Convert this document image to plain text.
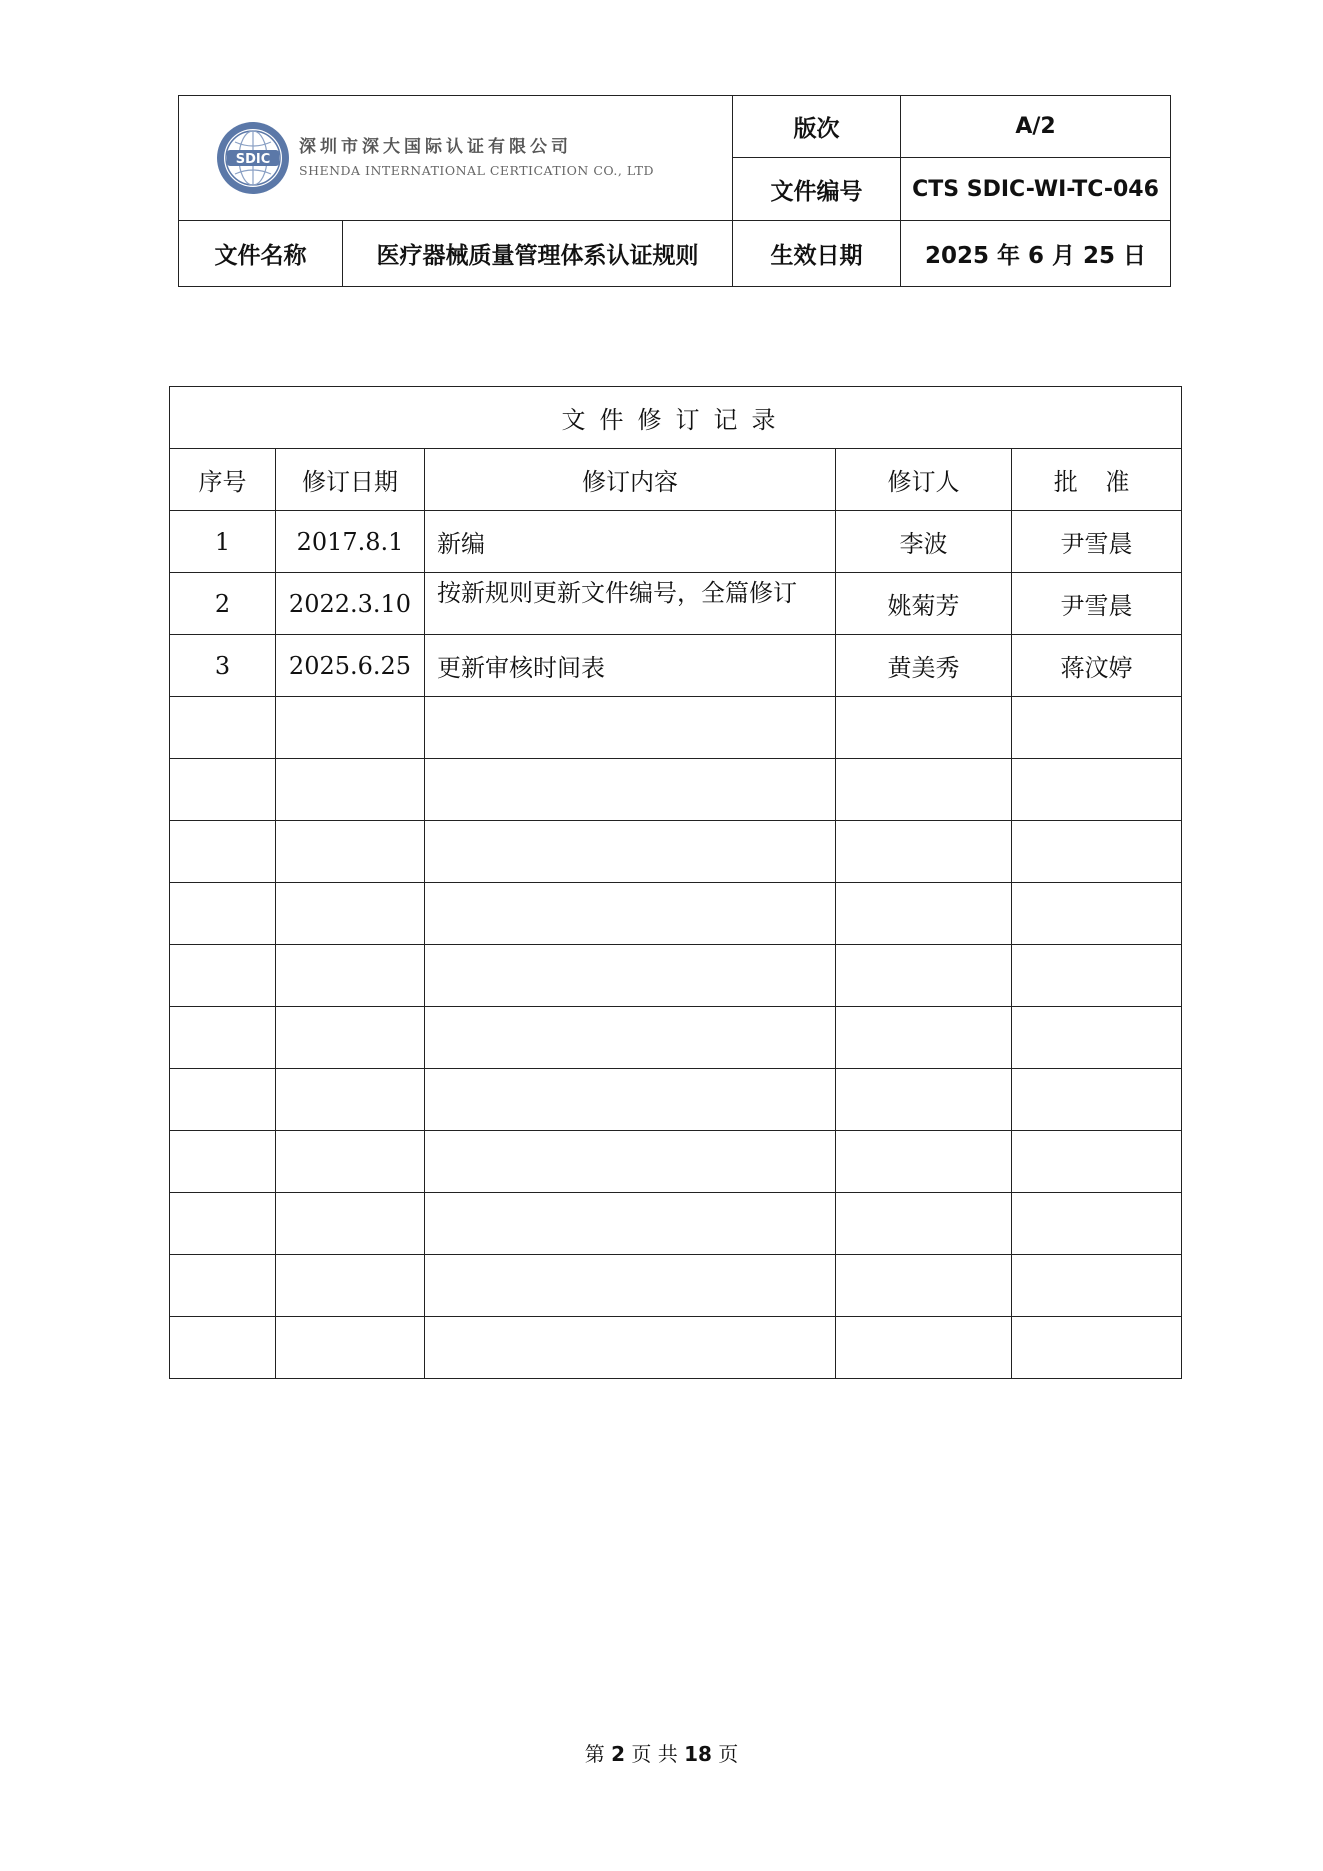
SDIC
深圳市深大国际认证有限公司
SHENDA INTERNATIONAL CERTICATION CO., LTD		版次	A/2
		文件编号	CTS SDIC-WI-TC-046
文件名称	医疗器械质量管理体系认证规则	生效日期	2025 年 6 月 25 日
文件修订记录				
序号	修订日期	修订内容	修订人	批 准
1	2017.8.1	新编	李波	尹雪晨
2	2022.3.10	按新规则更新文件编号，全篇修订	姚菊芳	尹雪晨
3	2025.6.25	更新审核时间表	黄美秀	蒋汶婷

第 2 页 共 18 页
